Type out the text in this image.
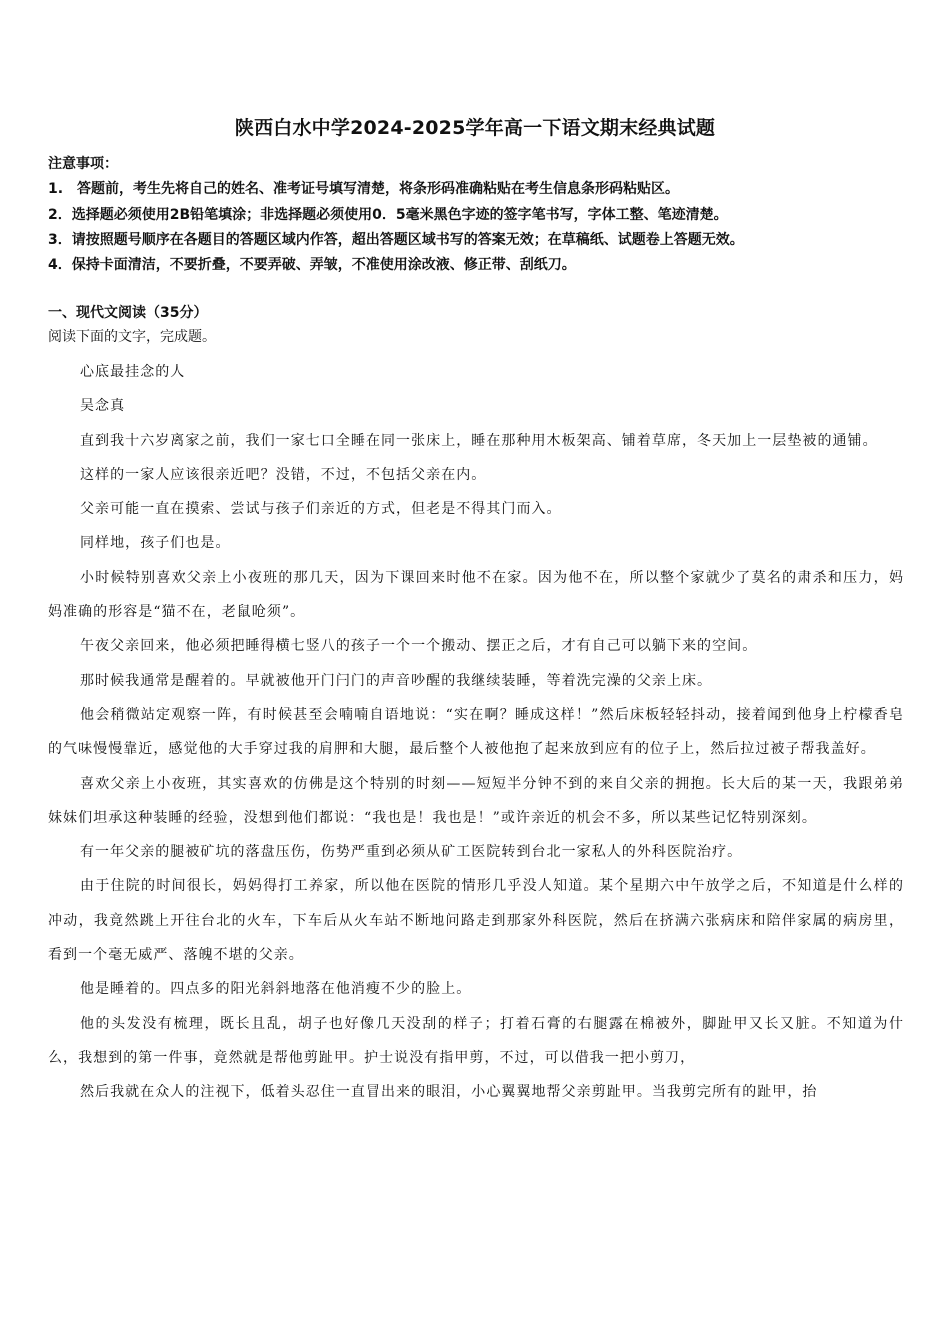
陕西白水中学2024-2025学年高一下语文期末经典试题
注意事项：
1.　答题前，考生先将自己的姓名、准考证号填写清楚，将条形码准确粘贴在考生信息条形码粘贴区。
2．选择题必须使用2B铅笔填涂；非选择题必须使用0．5毫米黑色字迹的签字笔书写，字体工整、笔迹清楚。
3．请按照题号顺序在各题目的答题区域内作答，超出答题区域书写的答案无效；在草稿纸、试题卷上答题无效。
4．保持卡面清洁，不要折叠，不要弄破、弄皱，不准使用涂改液、修正带、刮纸刀。
一、现代文阅读（35分）
阅读下面的文字，完成题。

心底最挂念的人

吴念真

直到我十六岁离家之前，我们一家七口全睡在同一张床上，睡在那种用木板架高、铺着草席，冬天加上一层垫被的通铺。

这样的一家人应该很亲近吧？没错，不过，不包括父亲在内。

父亲可能一直在摸索、尝试与孩子们亲近的方式，但老是不得其门而入。

同样地，孩子们也是。

小时候特别喜欢父亲上小夜班的那几天，因为下课回来时他不在家。因为他不在，所以整个家就少了莫名的肃杀和压力，妈妈准确的形容是“猫不在，老鼠呛须”。

午夜父亲回来，他必须把睡得横七竖八的孩子一个一个搬动、摆正之后，才有自己可以躺下来的空间。

那时候我通常是醒着的。早就被他开门闩门的声音吵醒的我继续装睡，等着洗完澡的父亲上床。

他会稍微站定观察一阵，有时候甚至会喃喃自语地说：“实在啊？睡成这样！”然后床板轻轻抖动，接着闻到他身上柠檬香皂的气味慢慢靠近，感觉他的大手穿过我的肩胛和大腿，最后整个人被他抱了起来放到应有的位子上，然后拉过被子帮我盖好。

喜欢父亲上小夜班，其实喜欢的仿佛是这个特别的时刻——短短半分钟不到的来自父亲的拥抱。长大后的某一天，我跟弟弟妹妹们坦承这种装睡的经验，没想到他们都说：“我也是！我也是！”或许亲近的机会不多，所以某些记忆特别深刻。

有一年父亲的腿被矿坑的落盘压伤，伤势严重到必须从矿工医院转到台北一家私人的外科医院治疗。

由于住院的时间很长，妈妈得打工养家，所以他在医院的情形几乎没人知道。某个星期六中午放学之后，不知道是什么样的冲动，我竟然跳上开往台北的火车，下车后从火车站不断地问路走到那家外科医院，然后在挤满六张病床和陪伴家属的病房里，看到一个毫无威严、落魄不堪的父亲。

他是睡着的。四点多的阳光斜斜地落在他消瘦不少的脸上。

他的头发没有梳理，既长且乱，胡子也好像几天没刮的样子；打着石膏的右腿露在棉被外，脚趾甲又长又脏。不知道为什么，我想到的第一件事，竟然就是帮他剪趾甲。护士说没有指甲剪，不过，可以借我一把小剪刀，

然后我就在众人的注视下，低着头忍住一直冒出来的眼泪，小心翼翼地帮父亲剪趾甲。当我剪完所有的趾甲，抬
